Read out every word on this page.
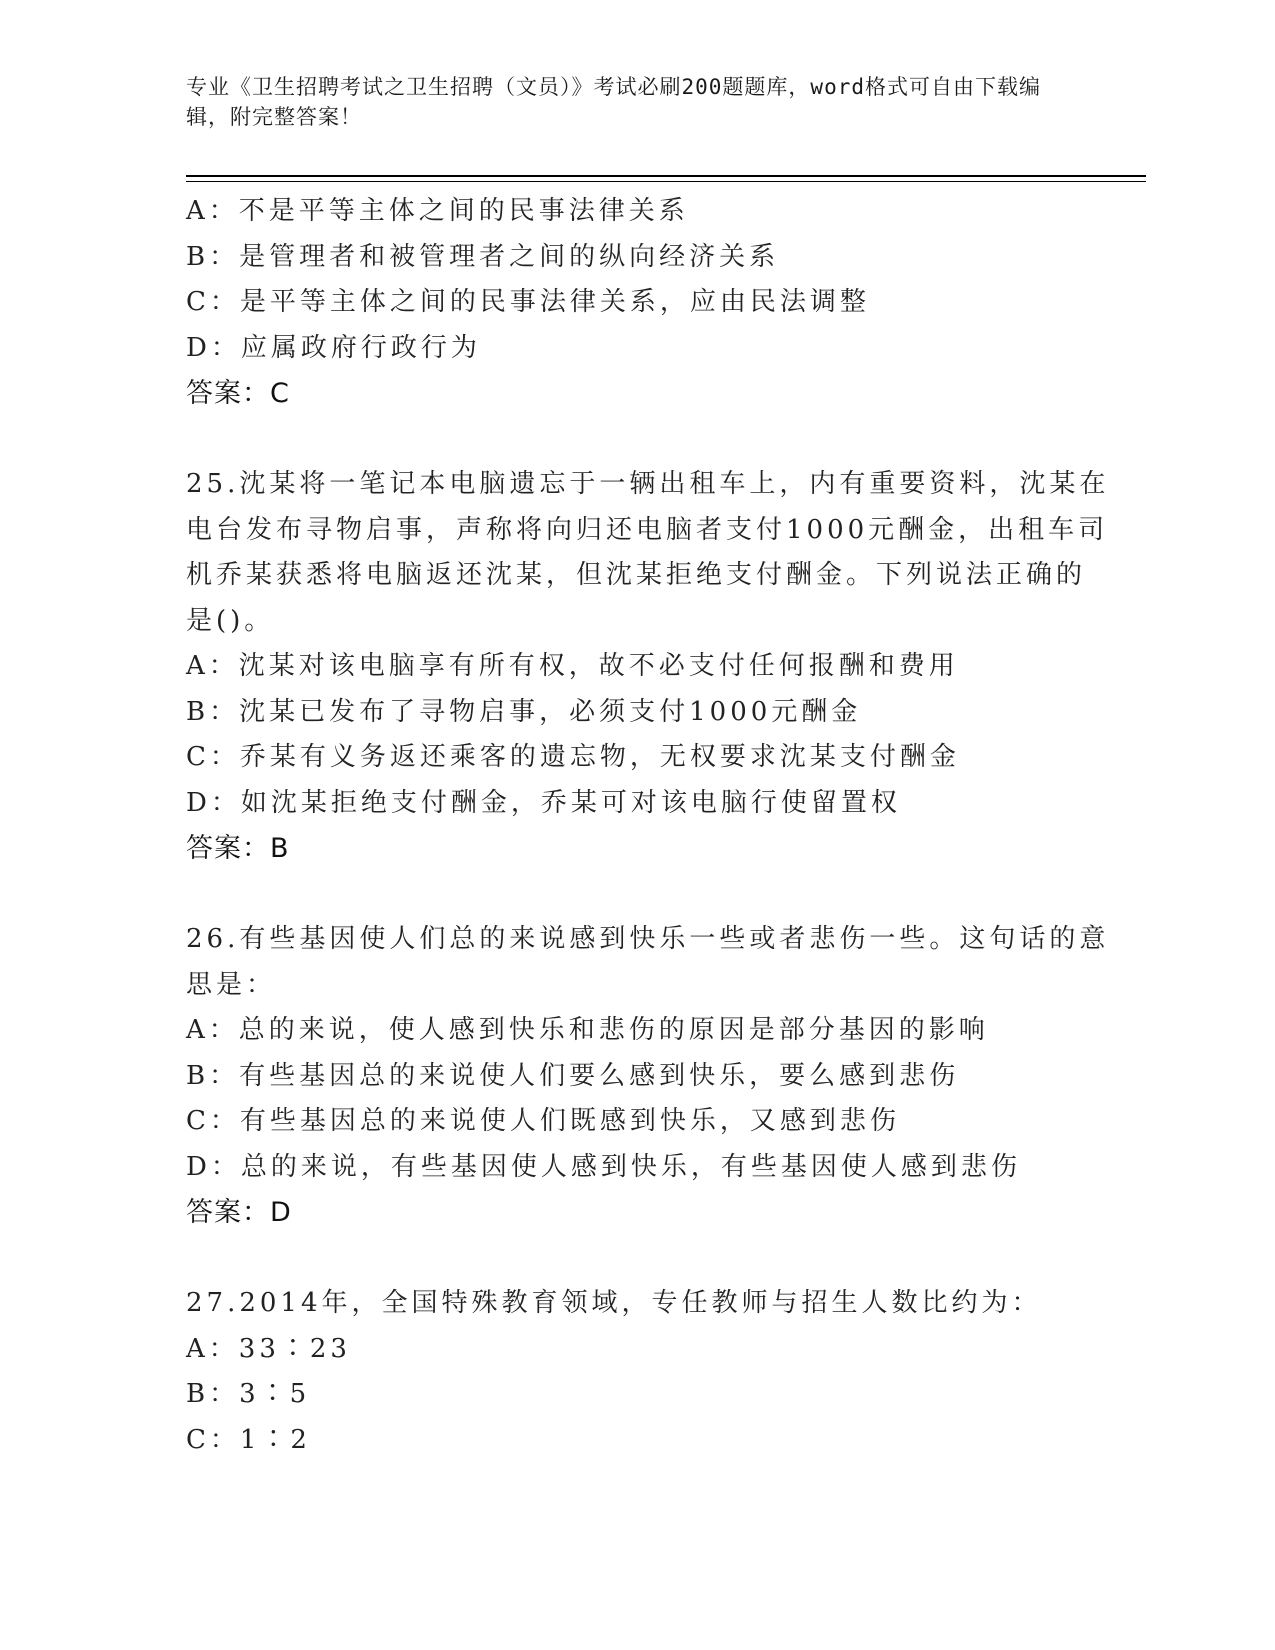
专业《卫生招聘考试之卫生招聘（文员）》考试必刷200题题库，word格式可自由下载编辑，附完整答案！

A：不是平等主体之间的民事法律关系

B：是管理者和被管理者之间的纵向经济关系

C：是平等主体之间的民事法律关系，应由民法调整

D：应属政府行政行为

答案：C

25.沈某将一笔记本电脑遗忘于一辆出租车上，内有重要资料，沈某在

电台发布寻物启事，声称将向归还电脑者支付1000元酬金，出租车司

机乔某获悉将电脑返还沈某，但沈某拒绝支付酬金。下列说法正确的

是()。

A：沈某对该电脑享有所有权，故不必支付任何报酬和费用

B：沈某已发布了寻物启事，必须支付1000元酬金

C：乔某有义务返还乘客的遗忘物，无权要求沈某支付酬金

D：如沈某拒绝支付酬金，乔某可对该电脑行使留置权

答案：B

26.有些基因使人们总的来说感到快乐一些或者悲伤一些。这句话的意

思是：

A：总的来说，使人感到快乐和悲伤的原因是部分基因的影响

B：有些基因总的来说使人们要么感到快乐，要么感到悲伤

C：有些基因总的来说使人们既感到快乐，又感到悲伤

D：总的来说，有些基因使人感到快乐，有些基因使人感到悲伤

答案：D

27.2014年，全国特殊教育领域，专任教师与招生人数比约为：

A：33∶23

B：3∶5

C：1∶2
